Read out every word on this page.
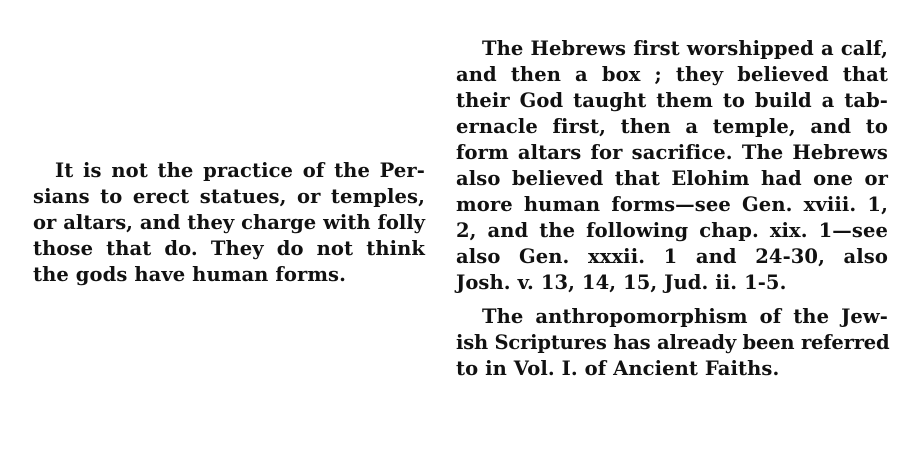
It is not the practice of the Per-
sians to erect statues, or temples,
or altars, and they charge with folly
those that do. They do not think
the gods have human forms.
The Hebrews first worshipped a calf,
and then a box ; they believed that
their God taught them to build a tab-
ernacle first, then a temple, and to
form altars for sacrifice. The Hebrews
also believed that Elohim had one or
more human forms—see Gen. xviii. 1,
2, and the following chap. xix. 1—see
also Gen. xxxii. 1 and 24-30, also
Josh. v. 13, 14, 15, Jud. ii. 1-5.
The anthropomorphism of the Jew-
ish Scriptures has already been referred
to in Vol. I. of Ancient Faiths.
